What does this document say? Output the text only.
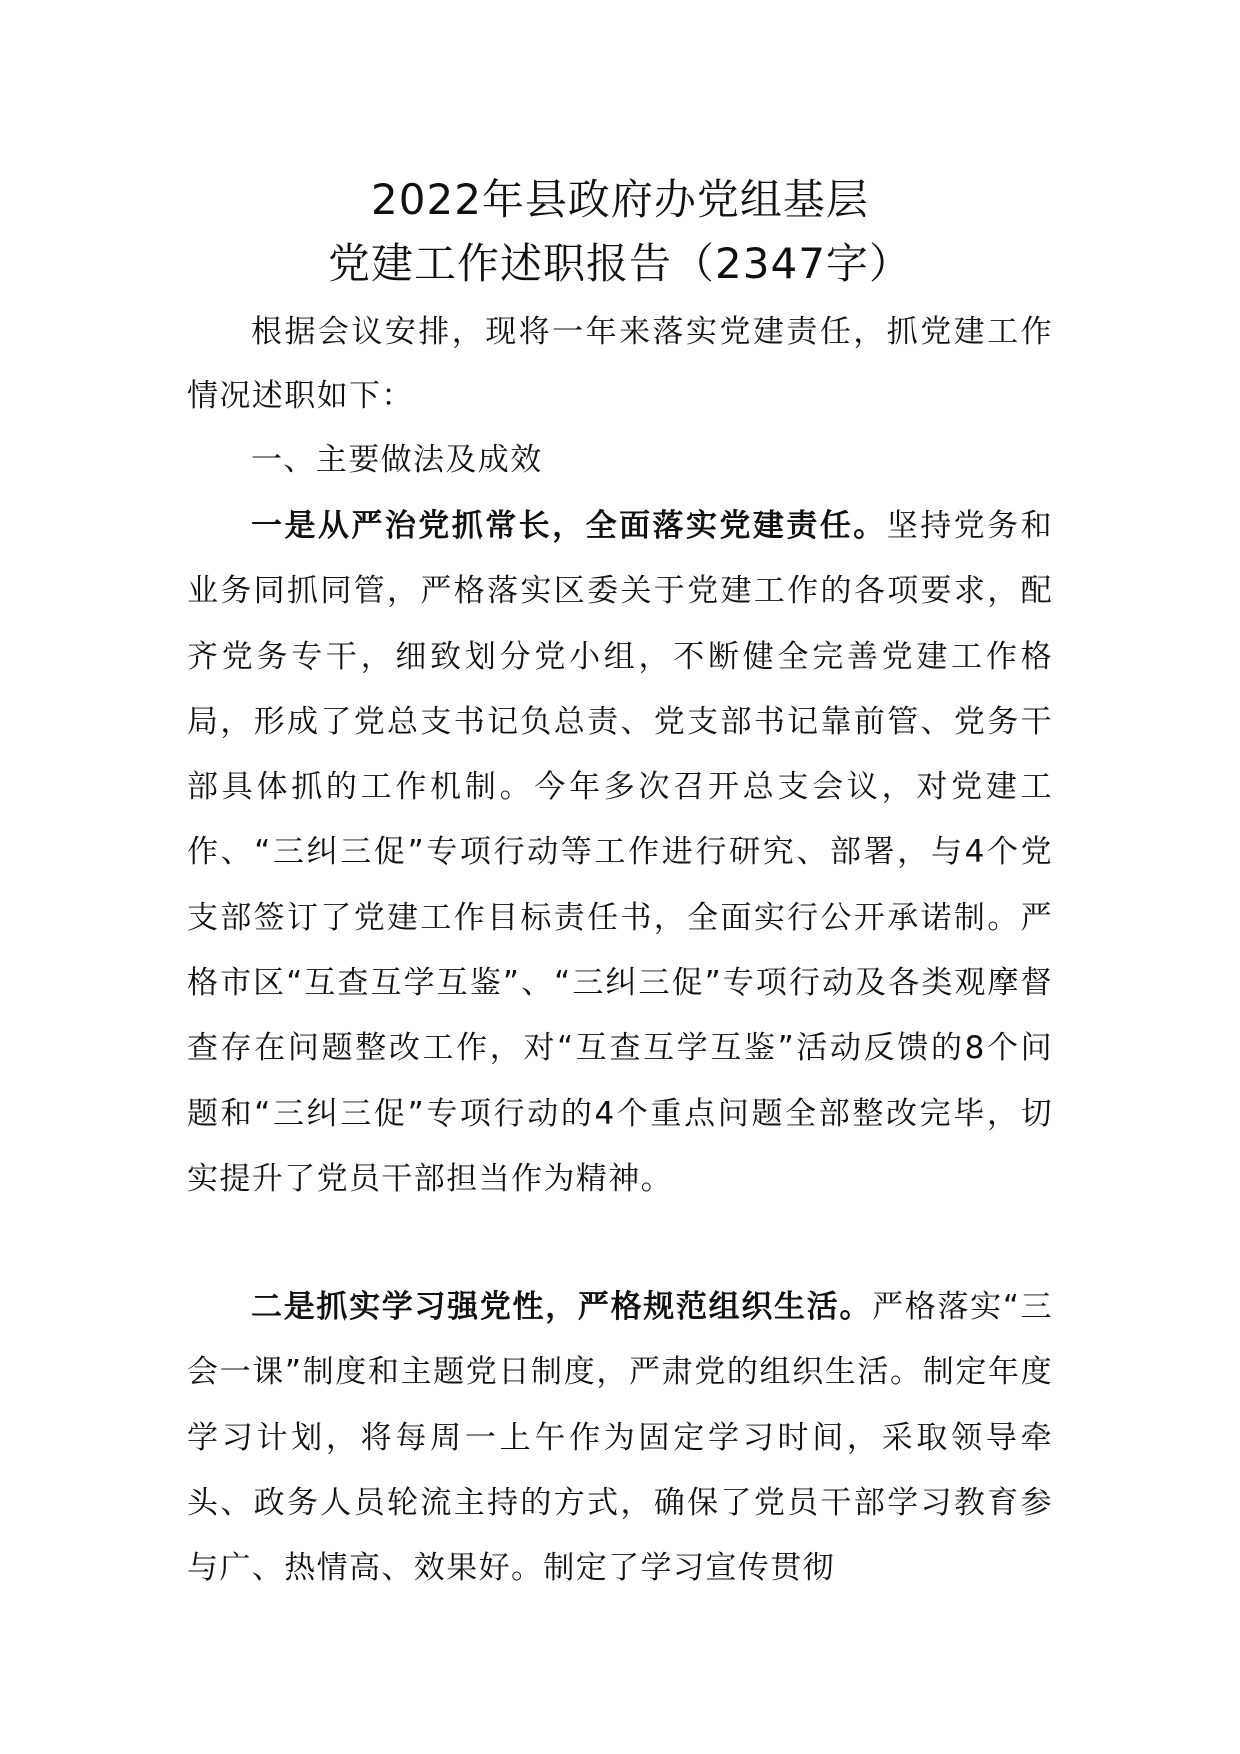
2022年县政府办党组基层
党建工作述职报告（2347字）

根据会议安排，现将一年来落实党建责任，抓党建工作情况述职如下：

一、主要做法及成效

一是从严治党抓常长，全面落实党建责任。坚持党务和业务同抓同管，严格落实区委关于党建工作的各项要求，配齐党务专干，细致划分党小组，不断健全完善党建工作格局，形成了党总支书记负总责、党支部书记靠前管、党务干部具体抓的工作机制。今年多次召开总支会议，对党建工作、“三纠三促”专项行动等工作进行研究、部署，与4个党支部签订了党建工作目标责任书，全面实行公开承诺制。严格市区“互查互学互鉴”、“三纠三促”专项行动及各类观摩督查存在问题整改工作，对“互查互学互鉴”活动反馈的8个问题和“三纠三促”专项行动的4个重点问题全部整改完毕，切实提升了党员干部担当作为精神。

二是抓实学习强党性，严格规范组织生活。严格落实“三会一课”制度和主题党日制度，严肃党的组织生活。制定年度学习计划，将每周一上午作为固定学习时间，采取领导牵头、政务人员轮流主持的方式，确保了党员干部学习教育参与广、热情高、效果好。制定了学习宣传贯彻
